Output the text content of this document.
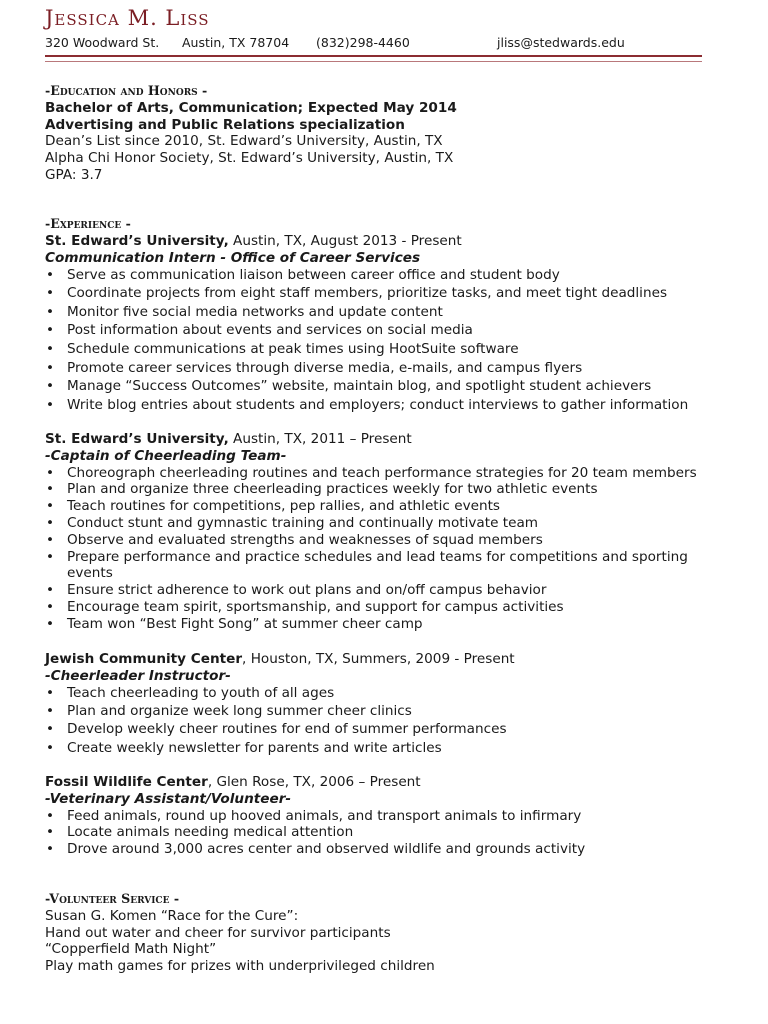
Jessica M. Liss
320 Woodward St. Austin, TX 78704 (832)298-4460	jliss@stedwards.edu
-Education and Honors -
Bachelor of Arts, Communication; Expected May 2014
Advertising and Public Relations specialization
Dean’s List since 2010, St. Edward’s University, Austin, TX
Alpha Chi Honor Society, St. Edward’s University, Austin, TX
GPA: 3.7
-Experience -
St. Edward’s University, Austin, TX, August 2013 - Present
Communication Intern - Office of Career Services
• Serve as communication liaison between career office and student body
• Coordinate projects from eight staff members, prioritize tasks, and meet tight deadlines
• Monitor five social media networks and update content
• Post information about events and services on social media
• Schedule communications at peak times using HootSuite software
• Promote career services through diverse media, e-mails, and campus flyers
• Manage “Success Outcomes” website, maintain blog, and spotlight student achievers
• Write blog entries about students and employers; conduct interviews to gather information
St. Edward’s University, Austin, TX, 2011 – Present
-Captain of Cheerleading Team-
• Choreograph cheerleading routines and teach performance strategies for 20 team members
• Plan and organize three cheerleading practices weekly for two athletic events
• Teach routines for competitions, pep rallies, and athletic events
• Conduct stunt and gymnastic training and continually motivate team
• Observe and evaluated strengths and weaknesses of squad members
• Prepare performance and practice schedules and lead teams for competitions and sporting events
• Ensure strict adherence to work out plans and on/off campus behavior
• Encourage team spirit, sportsmanship, and support for campus activities
• Team won “Best Fight Song” at summer cheer camp
Jewish Community Center, Houston, TX, Summers, 2009 - Present
-Cheerleader Instructor-
• Teach cheerleading to youth of all ages
• Plan and organize week long summer cheer clinics
• Develop weekly cheer routines for end of summer performances
• Create weekly newsletter for parents and write articles
Fossil Wildlife Center, Glen Rose, TX, 2006 – Present
-Veterinary Assistant/Volunteer-
• Feed animals, round up hooved animals, and transport animals to infirmary
• Locate animals needing medical attention
• Drove around 3,000 acres center and observed wildlife and grounds activity
-Volunteer Service -
Susan G. Komen “Race for the Cure”:
Hand out water and cheer for survivor participants
“Copperfield Math Night”
Play math games for prizes with underprivileged children
